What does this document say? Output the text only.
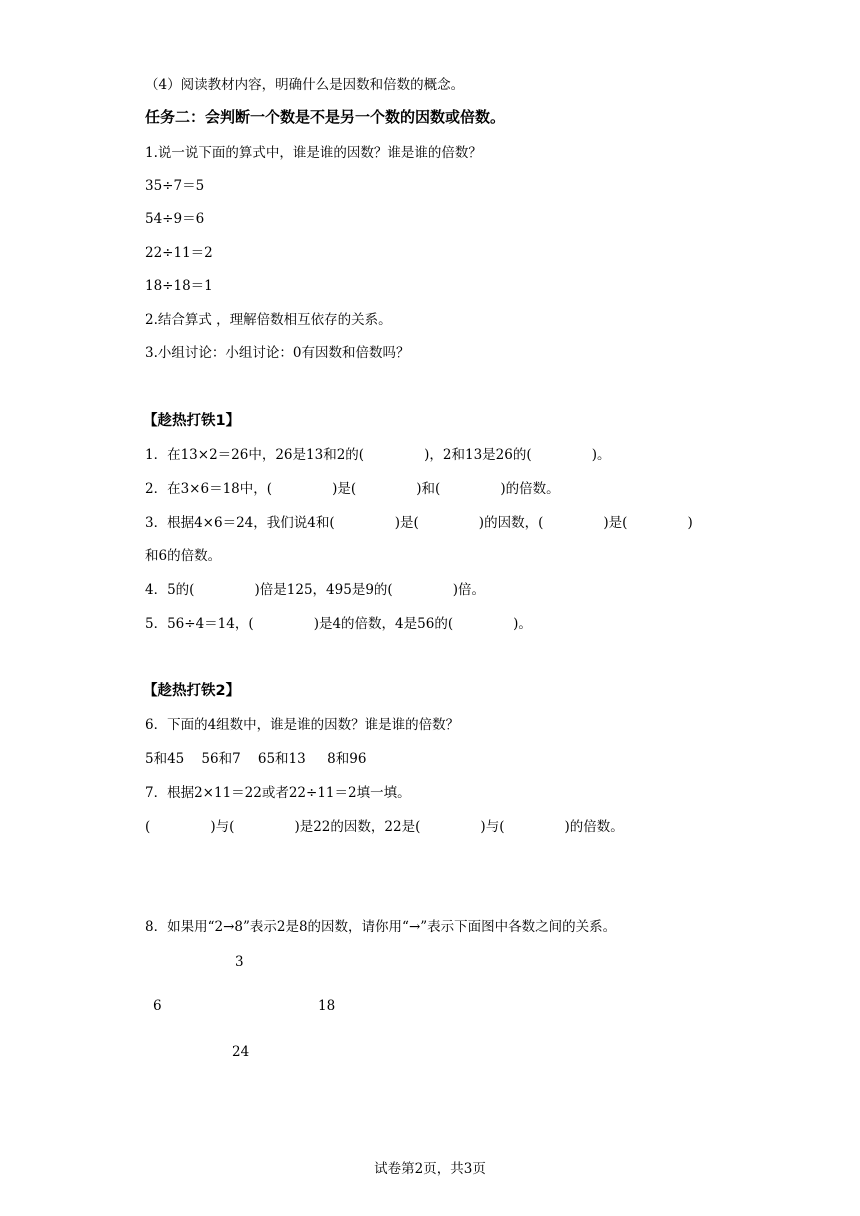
（4）阅读教材内容，明确什么是因数和倍数的概念。
任务二：会判断一个数是不是另一个数的因数或倍数。
1.说一说下面的算式中，谁是谁的因数？谁是谁的倍数？
35÷7＝5
54÷9＝6
22÷11＝2
18÷18＝1
2.结合算式 ，理解倍数相互依存的关系。
3.小组讨论：小组讨论：0有因数和倍数吗？
【趁热打铁1】
1．在13×2＝26中，26是13和2的(              )，2和13是26的(              )。
2．在3×6＝18中，(              )是(              )和(              )的倍数。
3．根据4×6＝24，我们说4和(              )是(              )的因数，(              )是(              )
和6的倍数。
4．5的(              )倍是125，495是9的(              )倍。
5．56÷4＝14，(              )是4的倍数，4是56的(              )。
【趁热打铁2】
6．下面的4组数中，谁是谁的因数？谁是谁的倍数？
5和45    56和7    65和13     8和96
7．根据2×11＝22或者22÷11＝2填一填。
(              )与(              )是22的因数，22是(              )与(              )的倍数。
8．如果用“2→8”表示2是8的因数，请你用“→”表示下面图中各数之间的关系。
3
6	18
24
试卷第2页，共3页
